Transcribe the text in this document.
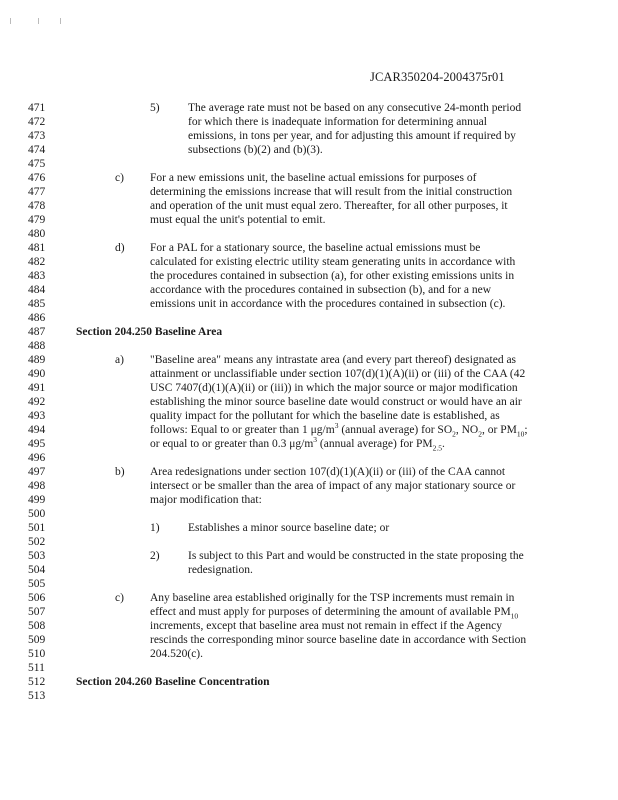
JCAR350204-2004375r01
471
472
473
474
475
476
477
478
479
480
481
482
483
484
485
486
487
488
489
490
491
492
493
494
495
496
497
498
499
500
501
502
503
504
505
506
507
508
509
510
511
512
513
5) The average rate must not be based on any consecutive 24-month period
for which there is inadequate information for determining annual
emissions, in tons per year, and for adjusting this amount if required by
subsections (b)(2) and (b)(3).
c) For a new emissions unit, the baseline actual emissions for purposes of
determining the emissions increase that will result from the initial construction
and operation of the unit must equal zero. Thereafter, for all other purposes, it
must equal the unit's potential to emit.
d) For a PAL for a stationary source, the baseline actual emissions must be
calculated for existing electric utility steam generating units in accordance with
the procedures contained in subsection (a), for other existing emissions units in
accordance with the procedures contained in subsection (b), and for a new
emissions unit in accordance with the procedures contained in subsection (c).
Section 204.250 Baseline Area
a) "Baseline area" means any intrastate area (and every part thereof) designated as
attainment or unclassifiable under section 107(d)(1)(A)(ii) or (iii) of the CAA (42
USC 7407(d)(1)(A)(ii) or (iii)) in which the major source or major modification
establishing the minor source baseline date would construct or would have an air
quality impact for the pollutant for which the baseline date is established, as
follows: Equal to or greater than 1 $\mu g/m^3$ (annual average) for $SO_2$, $NO_2$, or $PM_{10}$;
or equal to or greater than 0.3 $\mu g/m^3$ (annual average) for $PM_{2.5}$.
b) Area redesignations under section 107(d)(1)(A)(ii) or (iii) of the CAA cannot
intersect or be smaller than the area of impact of any major stationary source or
major modification that:
1) Establishes a minor source baseline date; or
2) Is subject to this Part and would be constructed in the state proposing the
redesignation.
c) Any baseline area established originally for the TSP increments must remain in
effect and must apply for purposes of determining the amount of available $PM_{10}$
increments, except that baseline area must not remain in effect if the Agency
rescinds the corresponding minor source baseline date in accordance with Section
204.520(c).
Section 204.260 Baseline Concentration
